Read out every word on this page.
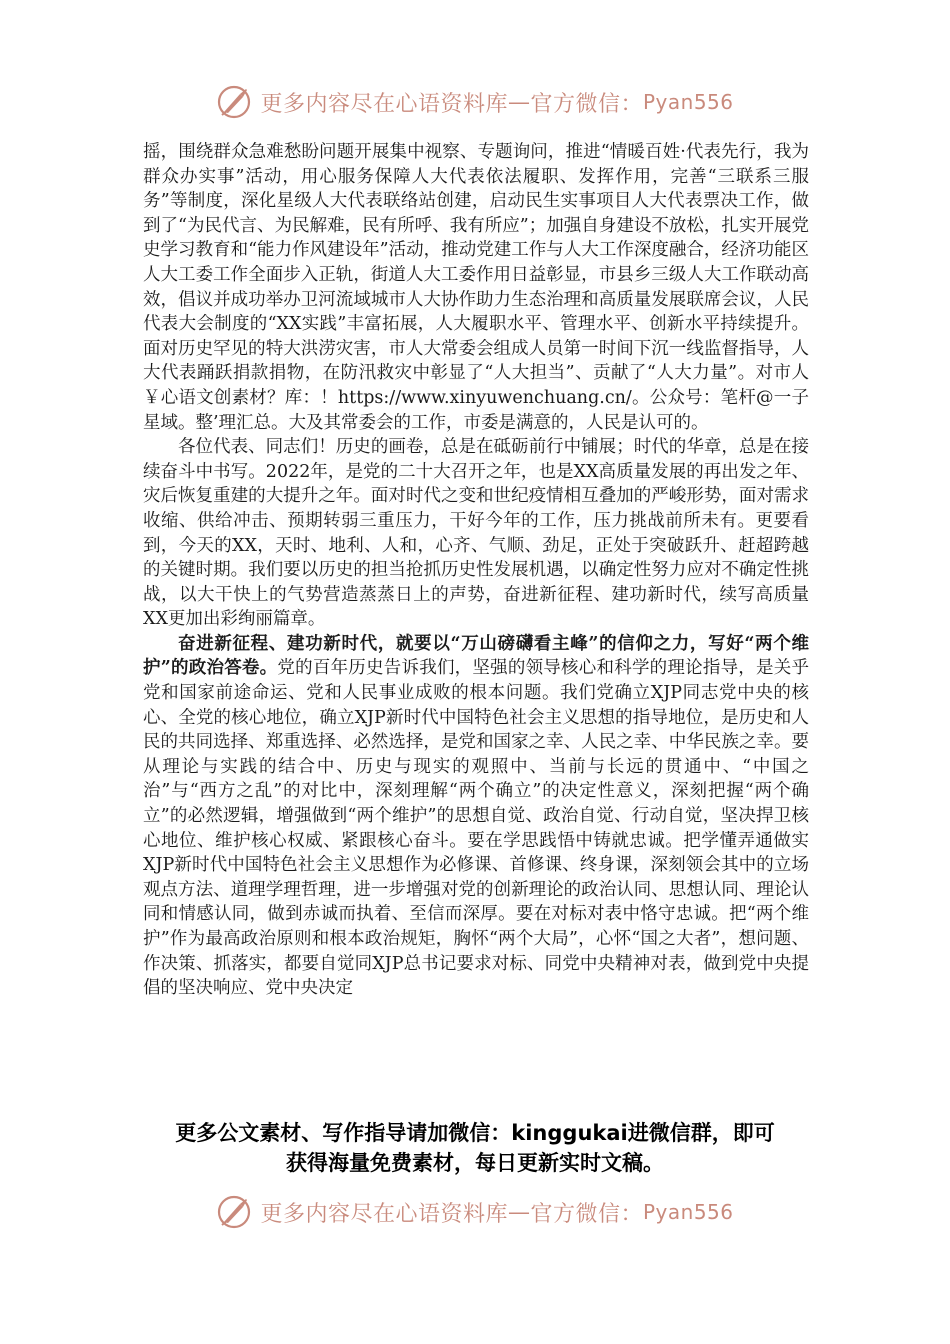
更多内容尽在心语资料库 — 官方微信： Pyan556

摇，围绕群众急难愁盼问题开展集中视察、专题询问，推进“情暖百姓·代表先行，我为群众办实事”活动，用心服务保障人大代表依法履职、发挥作用，完善“三联系三服务”等制度，深化星级人大代表联络站创建，启动民生实事项目人大代表票决工作，做到了“为民代言、为民解难，民有所呼、我有所应”；加强自身建设不放松，扎实开展党史学习教育和“能力作风建设年”活动，推动党建工作与人大工作深度融合，经济功能区人大工委工作全面步入正轨，街道人大工委作用日益彰显，市县乡三级人大工作联动高效，倡议并成功举办卫河流域城市人大协作助力生态治理和高质量发展联席会议，人民代表大会制度的“XX实践”丰富拓展，人大履职水平、管理水平、创新水平持续提升。面对历史罕见的特大洪涝灾害，市人大常委会组成人员第一时间下沉一线监督指导，人大代表踊跃捐款捐物，在防汛救灾中彰显了“人大担当”、贡献了“人大力量”。对市人￥心语文创素材？库：！https://www.xinyuwenchuang.cn/。公众号：笔杆@一子星域。整’理汇总。大及其常委会的工作，市委是满意的，人民是认可的。

各位代表、同志们！历史的画卷，总是在砥砺前行中铺展；时代的华章，总是在接续奋斗中书写。2022年，是党的二十大召开之年，也是XX高质量发展的再出发之年、灾后恢复重建的大提升之年。面对时代之变和世纪疫情相互叠加的严峻形势，面对需求收缩、供给冲击、预期转弱三重压力，干好今年的工作，压力挑战前所未有。更要看到，今天的XX，天时、地利、人和，心齐、气顺、劲足，正处于突破跃升、赶超跨越的关键时期。我们要以历史的担当抢抓历史性发展机遇，以确定性努力应对不确定性挑战，以大干快上的气势营造蒸蒸日上的声势，奋进新征程、建功新时代，续写高质量XX更加出彩绚丽篇章。

奋进新征程、建功新时代，就要以“万山磅礴看主峰”的信仰之力，写好“两个维护”的政治答卷。党的百年历史告诉我们，坚强的领导核心和科学的理论指导，是关乎党和国家前途命运、党和人民事业成败的根本问题。我们党确立XJP同志党中央的核心、全党的核心地位，确立XJP新时代中国特色社会主义思想的指导地位，是历史和人民的共同选择、郑重选择、必然选择，是党和国家之幸、人民之幸、中华民族之幸。要从理论与实践的结合中、历史与现实的观照中、当前与长远的贯通中、“中国之治”与“西方之乱”的对比中，深刻理解“两个确立”的决定性意义，深刻把握“两个确立”的必然逻辑，增强做到“两个维护”的思想自觉、政治自觉、行动自觉，坚决捍卫核心地位、维护核心权威、紧跟核心奋斗。要在学思践悟中铸就忠诚。把学懂弄通做实XJP新时代中国特色社会主义思想作为必修课、首修课、终身课，深刻领会其中的立场观点方法、道理学理哲理，进一步增强对党的创新理论的政治认同、思想认同、理论认同和情感认同，做到赤诚而执着、至信而深厚。要在对标对表中恪守忠诚。把“两个维护”作为最高政治原则和根本政治规矩，胸怀“两个大局”，心怀“国之大者”，想问题、作决策、抓落实，都要自觉同XJP总书记要求对标、同党中央精神对表，做到党中央提倡的坚决响应、党中央决定

更多公文素材、写作指导请加微信：kinggukai进微信群，即可
获得海量免费素材，每日更新实时文稿。
更多内容尽在心语资料库 — 官方微信： Pyan556
